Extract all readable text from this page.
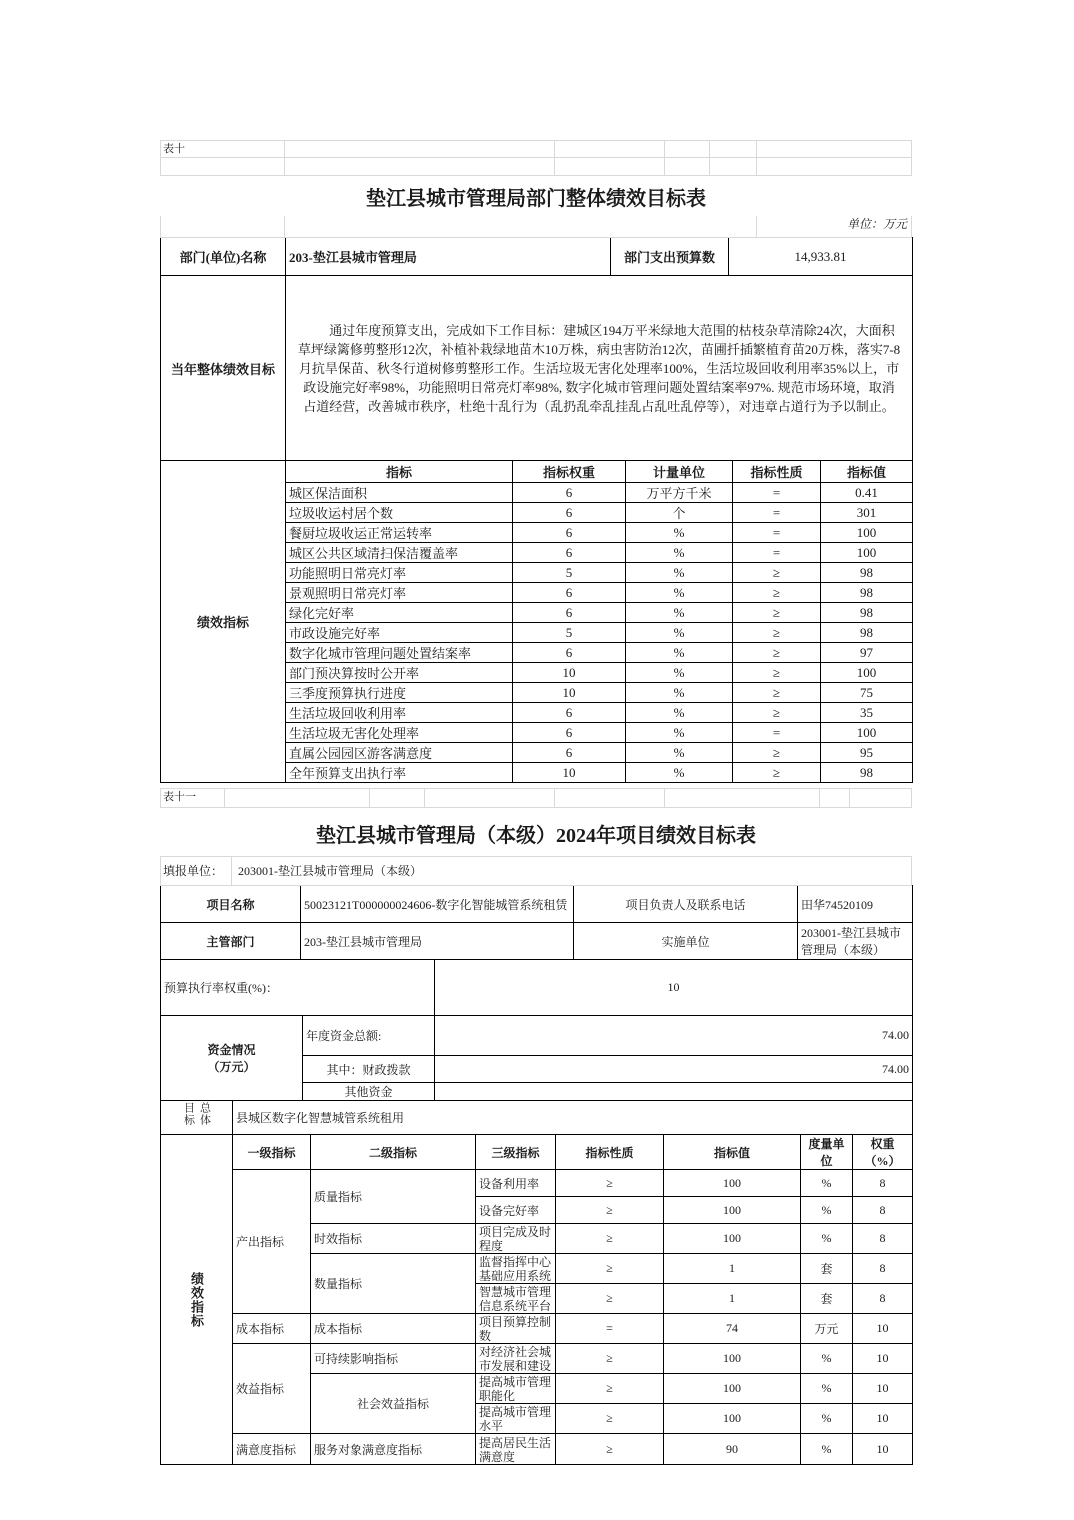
表十
垫江县城市管理局部门整体绩效目标表
单位：万元
部门(单位)名称	203-垫江县城市管理局	部门支出预算数	14,933.81
当年整体绩效目标	
　　通过年度预算支出，完成如下工作目标：建城区194万平米绿地大范围的枯枝杂草清除24次，大面积草坪绿篱修剪整形12次，补植补栽绿地苗木10万株，病虫害防治12次，苗圃扦插繁植育苗20万株，落实7-8月抗旱保苗、秋冬行道树修剪整形工作。生活垃圾无害化处理率100%，生活垃圾回收利用率35%以上，市政设施完好率98%，功能照明日常亮灯率98%, 数字化城市管理问题处置结案率97%. 规范市场环境，取消占道经营，改善城市秩序，杜绝十乱行为（乱扔乱牵乱挂乱占乱吐乱停等），对违章占道行为予以制止。
绩效指标	指标	指标权重	计量单位	指标性质	指标值
	城区保洁面积	6	万平方千米	=	0.41
	垃圾收运村居个数	6	个	=	301
	餐厨垃圾收运正常运转率	6	%	=	100
	城区公共区域清扫保洁覆盖率	6	%	=	100
	功能照明日常亮灯率	5	%	≥	98
	景观照明日常亮灯率	6	%	≥	98
	绿化完好率	6	%	≥	98
	市政设施完好率	5	%	≥	98
	数字化城市管理问题处置结案率	6	%	≥	97
	部门预决算按时公开率	10	%	≥	100
	三季度预算执行进度	10	%	≥	75
	生活垃圾回收利用率	6	%	≥	35
	生活垃圾无害化处理率	6	%	=	100
	直属公园园区游客满意度	6	%	≥	95
	全年预算支出执行率	10	%	≥	98
表十一
垫江县城市管理局（本级）2024年项目绩效目标表
填报单位：	203001-垫江县城市管理局（本级）
项目名称	50023121T000000024606-数字化智能城管系统租赁	项目负责人及联系电话	田华74520109
主管部门	203-垫江县城市管理局	实施单位	203001-垫江县城市管理局（本级）
预算执行率权重(%)：	10
资金情况
（万元）	年度资金总额:	74.00
	其中：财政拨款	74.00
	其他资金	
总体目标	县城区数字化智慧城管系统租用
绩效指标	一级指标	二级指标	三级指标	指标性质	指标值	度量单位	权重（%）
	产出指标	质量指标	设备利用率	≥	100	%	8
			设备完好率	≥	100	%	8
		时效指标	项目完成及时程度	≥	100	%	8
		数量指标	监督指挥中心基础应用系统	≥	1	套	8
			智慧城市管理信息系统平台	≥	1	套	8
	成本指标	成本指标	项目预算控制数	=	74	万元	10
	效益指标	可持续影响指标	对经济社会城市发展和建设	≥	100	%	10
		社会效益指标	提高城市管理职能化	≥	100	%	10
			提高城市管理水平	≥	100	%	10
	满意度指标	服务对象满意度指标	提高居民生活满意度	≥	90	%	10
